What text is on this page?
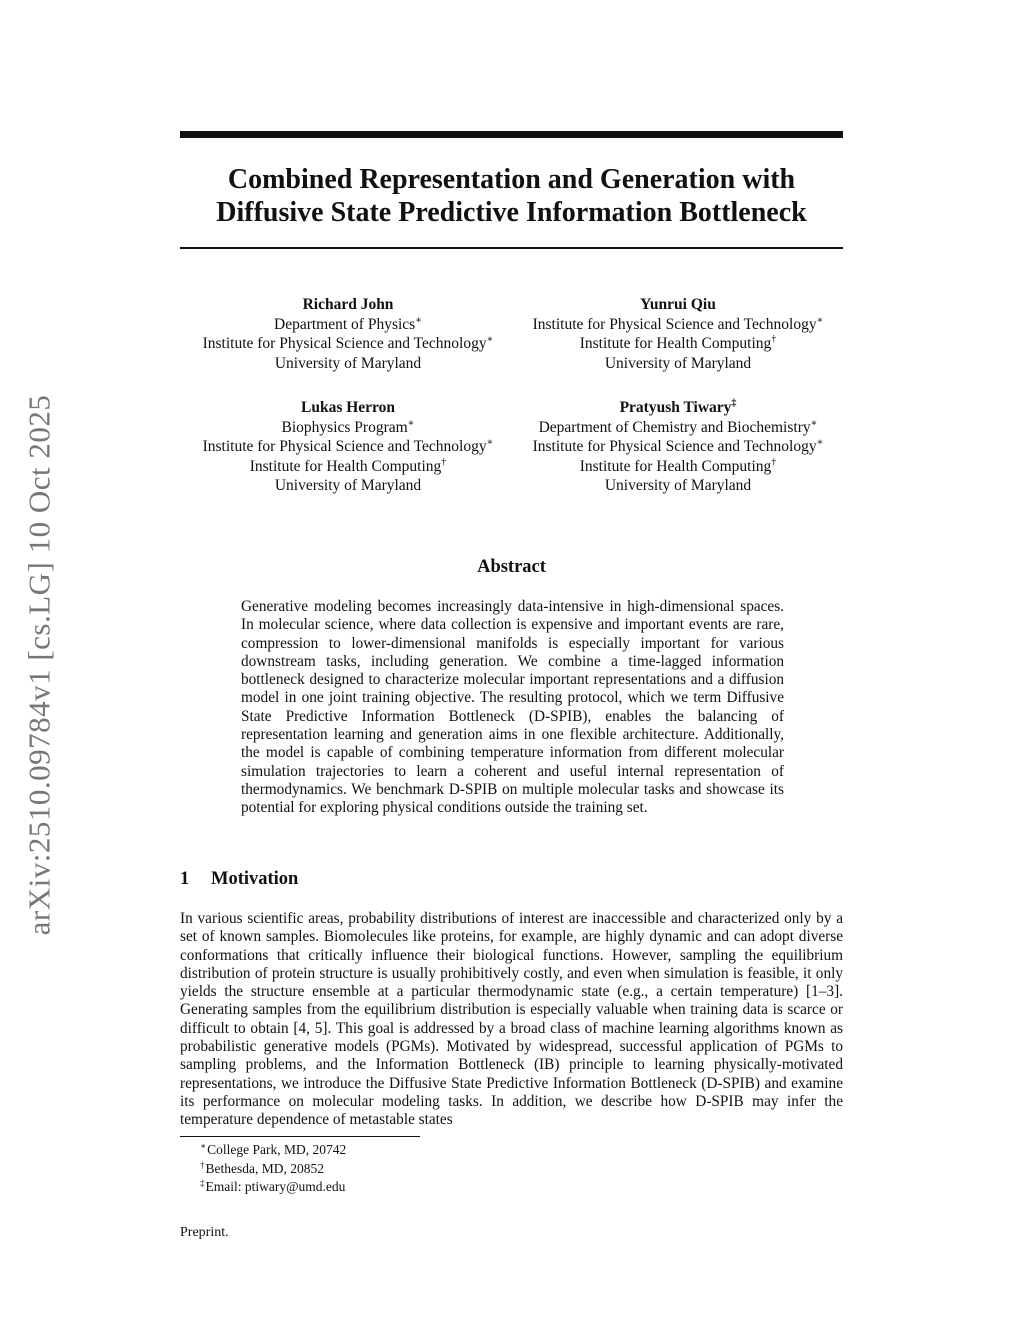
arXiv:2510.09784v1 [cs.LG] 10 Oct 2025
Combined Representation and Generation with
Diffusive State Predictive Information Bottleneck
Richard John
Department of Physics∗
Institute for Physical Science and Technology∗
University of Maryland
Yunrui Qiu
Institute for Physical Science and Technology∗
Institute for Health Computing†
University of Maryland
Lukas Herron
Biophysics Program∗
Institute for Physical Science and Technology∗
Institute for Health Computing†
University of Maryland
Pratyush Tiwary‡
Department of Chemistry and Biochemistry∗
Institute for Physical Science and Technology∗
Institute for Health Computing†
University of Maryland
Abstract
Generative modeling becomes increasingly data-intensive in high-dimensional spaces. In molecular science, where data collection is expensive and important events are rare, compression to lower-dimensional manifolds is especially important for various downstream tasks, including generation. We combine a time-lagged information bottleneck designed to characterize molecular important representations and a diffusion model in one joint training objective. The resulting protocol, which we term Diffusive State Predictive Information Bottleneck (D-SPIB), enables the balancing of representation learning and generation aims in one flexible architecture. Additionally, the model is capable of combining temperature information from different molecular simulation trajectories to learn a coherent and useful internal representation of thermodynamics. We benchmark D-SPIB on multiple molecular tasks and showcase its potential for exploring physical conditions outside the training set.
1 Motivation
In various scientific areas, probability distributions of interest are inaccessible and characterized only by a set of known samples. Biomolecules like proteins, for example, are highly dynamic and can adopt diverse conformations that critically influence their biological functions. However, sampling the equilibrium distribution of protein structure is usually prohibitively costly, and even when simulation is feasible, it only yields the structure ensemble at a particular thermodynamic state (e.g., a certain temperature) [1–3]. Generating samples from the equilibrium distribution is especially valuable when training data is scarce or difficult to obtain [4, 5]. This goal is addressed by a broad class of machine learning algorithms known as probabilistic generative models (PGMs). Motivated by widespread, successful application of PGMs to sampling problems, and the Information Bottleneck (IB) principle to learning physically-motivated representations, we introduce the Diffusive State Predictive Information Bottleneck (D-SPIB) and examine its performance on molecular modeling tasks. In addition, we describe how D-SPIB may infer the temperature dependence of metastable states
∗College Park, MD, 20742
†Bethesda, MD, 20852
‡Email: ptiwary@umd.edu
Preprint.
